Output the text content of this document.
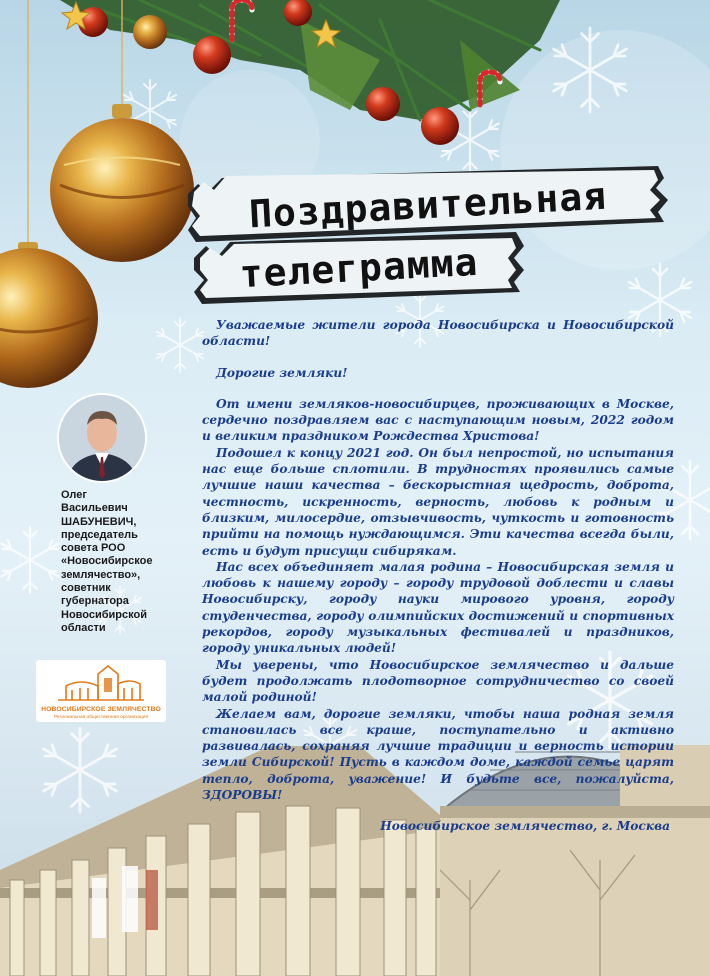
Поздравительная
телеграмма

Уважаемые жители города Новосибирска и Новосибирской области!

Дорогие земляки!

От имени земляков-новосибирцев, проживающих в Москве, сердечно поздравляем вас с наступающим новым, 2022 годом и великим праздником Рождества Христова!

Подошел к концу 2021 год. Он был непростой, но испытания нас еще больше сплотили. В трудностях проявились самые лучшие наши качества – бескорыстная щедрость, доброта, честность, искренность, верность, любовь к родным и близким, милосердие, отзывчивость, чуткость и готовность прийти на помощь нуждающимся. Эти качества всегда были, есть и будут присущи сибирякам.

Нас всех объединяет малая родина – Новосибирская земля и любовь к нашему городу – городу трудовой доблести и славы Новосибирску, городу науки мирового уровня, городу студенчества, городу олимпийских достижений и спортивных рекордов, городу музыкальных фестивалей и праздников, городу уникальных людей!

Мы уверены, что Новосибирское землячество и дальше будет продолжать плодотворное сотрудничество со своей малой родиной!

Желаем вам, дорогие земляки, чтобы наша родная земля становилась все краше, поступательно и активно развивалась, сохраняя лучшие традиции и верность истории земли Сибирской! Пусть в каждом доме, каждой семье царят тепло, доброта, уважение! И будьте все, пожалуйста, ЗДОРОВЫ!

Новосибирское землячество, г. Москва

Олег
Васильевич
ШАБУНЕВИЧ,
председатель
совета РОО
«Новосибирское
землячество»,
советник
губернатора
Новосибирской
области
НОВОСИБИРСКОЕ ЗЕМЛЯЧЕСТВО
Региональная общественная организация
